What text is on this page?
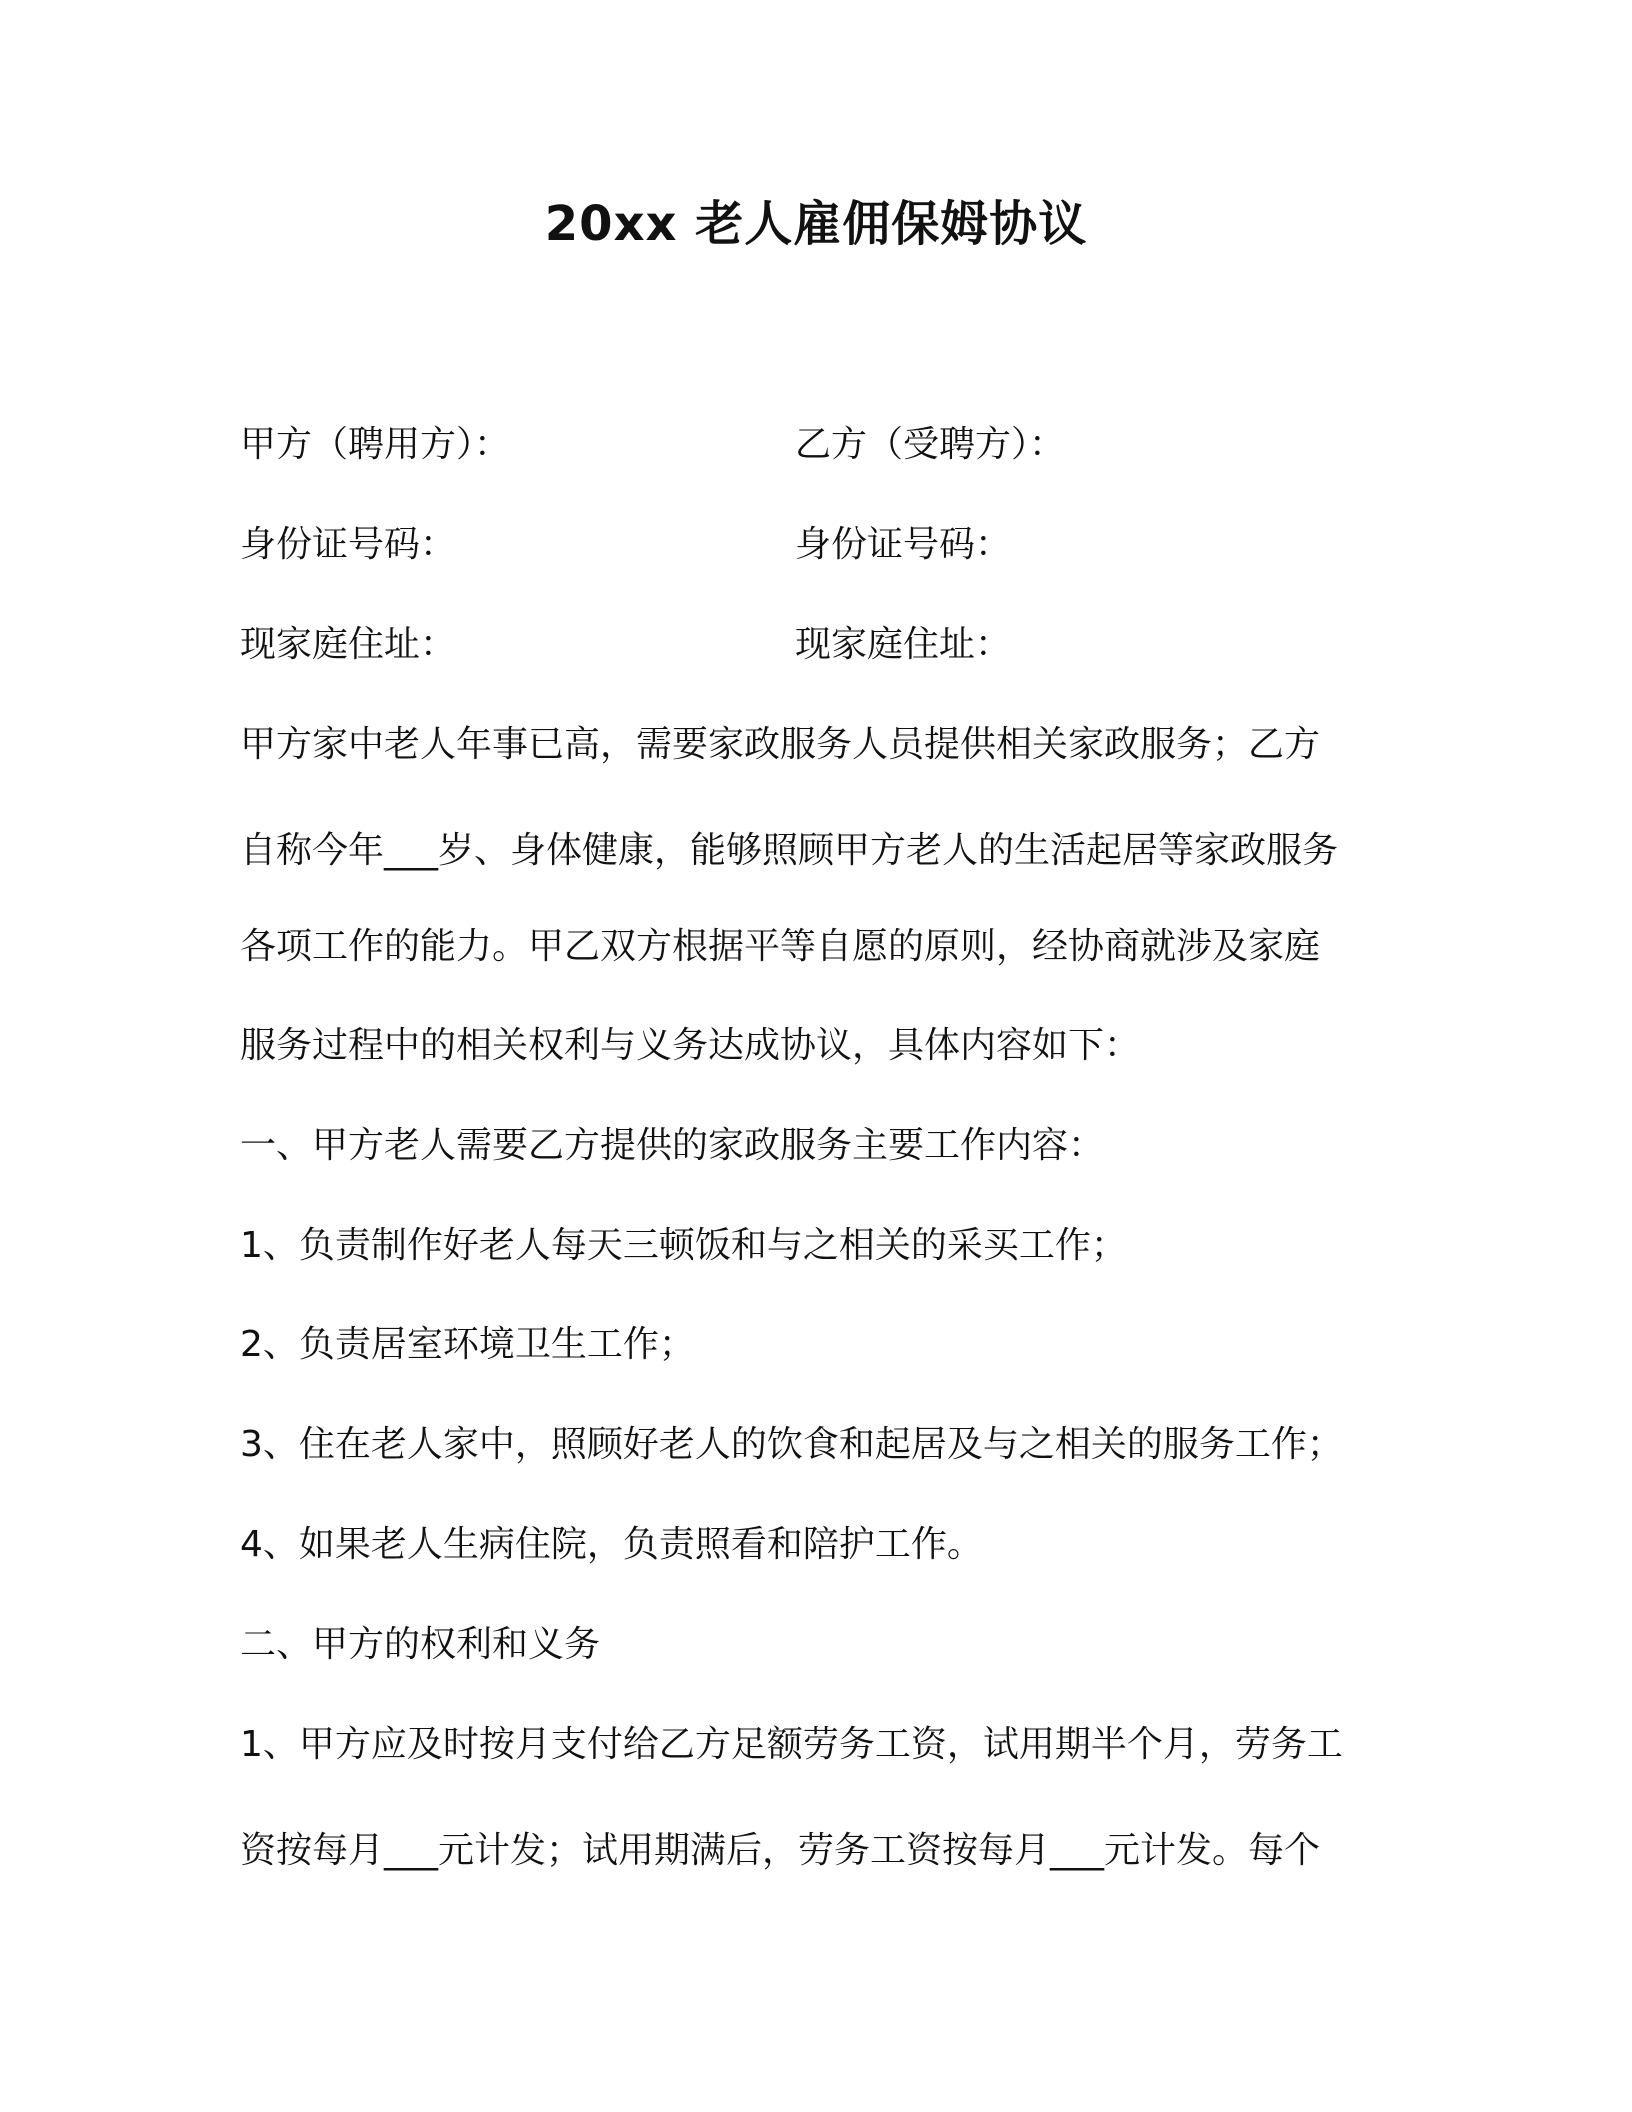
20xx 老人雇佣保姆协议
甲方（聘用方）：	乙方（受聘方）：
身份证号码：	身份证号码：
现家庭住址：	现家庭住址：
甲方家中老人年事已高，需要家政服务人员提供相关家政服务；乙方
自称今年___岁、身体健康，能够照顾甲方老人的生活起居等家政服务
各项工作的能力。甲乙双方根据平等自愿的原则，经协商就涉及家庭
服务过程中的相关权利与义务达成协议，具体内容如下：
一、甲方老人需要乙方提供的家政服务主要工作内容：
1、负责制作好老人每天三顿饭和与之相关的采买工作；
2、负责居室环境卫生工作；
3、住在老人家中，照顾好老人的饮食和起居及与之相关的服务工作；
4、如果老人生病住院，负责照看和陪护工作。
二、甲方的权利和义务
1、甲方应及时按月支付给乙方足额劳务工资，试用期半个月，劳务工
资按每月___元计发；试用期满后，劳务工资按每月___元计发。每个
